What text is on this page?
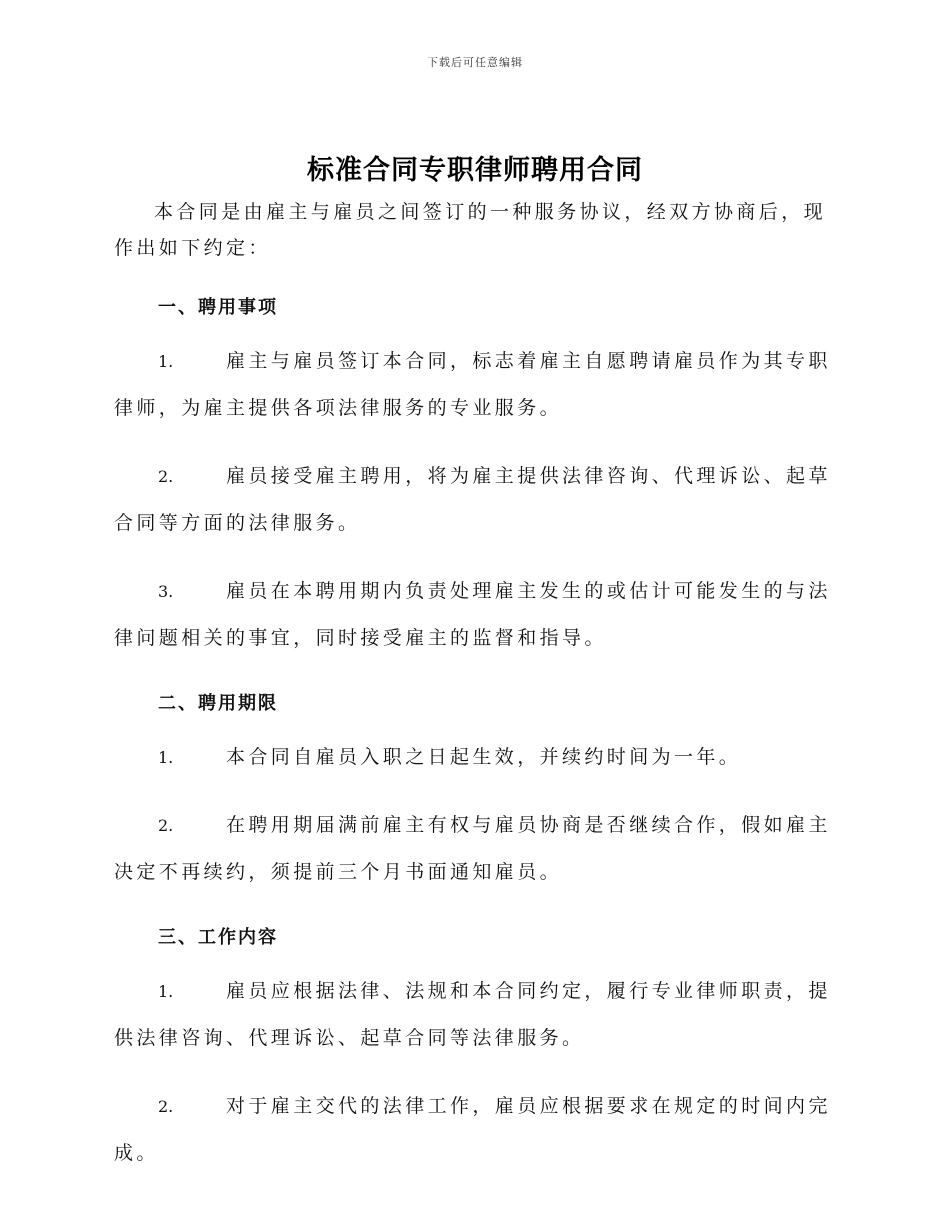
下载后可任意编辑
标准合同专职律师聘用合同

本合同是由雇主与雇员之间签订的一种服务协议，经双方协商后，现作出如下约定：

一、聘用事项

1.	雇主与雇员签订本合同，标志着雇主自愿聘请雇员作为其专职律师，为雇主提供各项法律服务的专业服务。

2.	雇员接受雇主聘用，将为雇主提供法律咨询、代理诉讼、起草合同等方面的法律服务。

3.	雇员在本聘用期内负责处理雇主发生的或估计可能发生的与法律问题相关的事宜，同时接受雇主的监督和指导。

二、聘用期限

1.	本合同自雇员入职之日起生效，并续约时间为一年。

2.	在聘用期届满前雇主有权与雇员协商是否继续合作，假如雇主决定不再续约，须提前三个月书面通知雇员。

三、工作内容

1.	雇员应根据法律、法规和本合同约定，履行专业律师职责，提供法律咨询、代理诉讼、起草合同等法律服务。

2.	对于雇主交代的法律工作，雇员应根据要求在规定的时间内完成。
